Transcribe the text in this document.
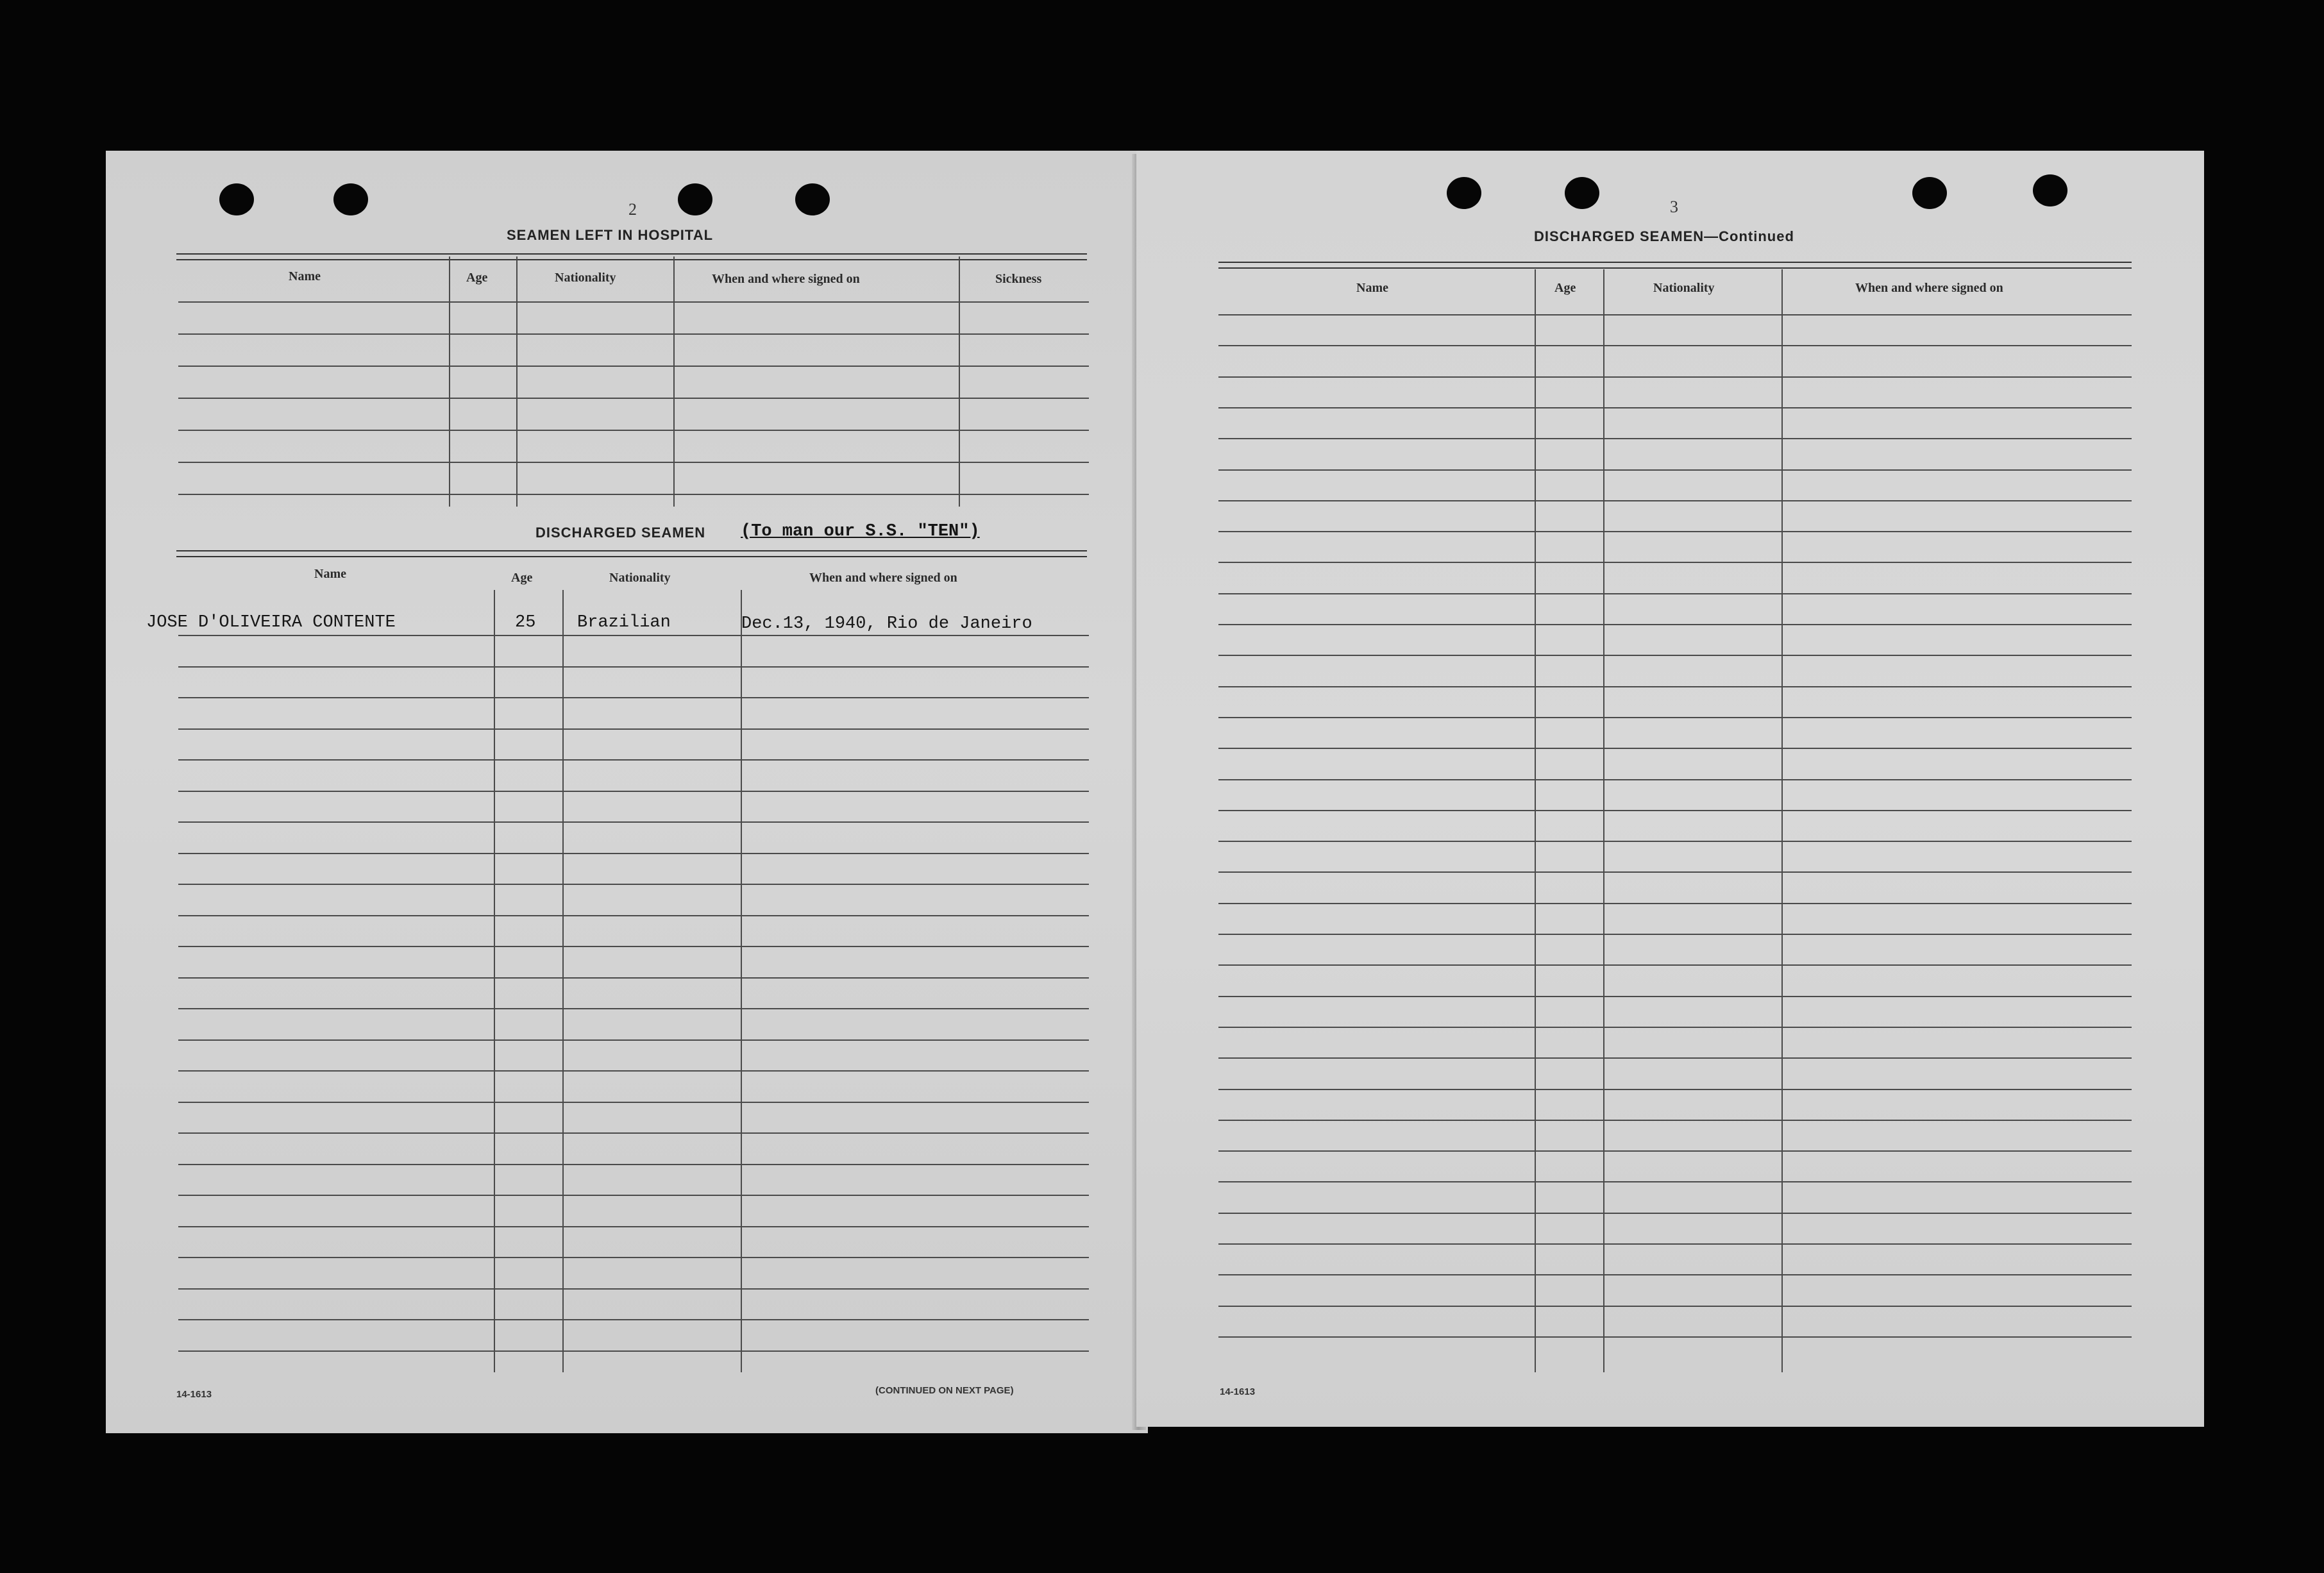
2
SEAMEN LEFT IN HOSPITAL
Name	Age	Nationality	When and where signed on	Sickness
DISCHARGED SEAMEN (To man our S.S. "TEN")
Name	Age	Nationality	When and where signed on
JOSE D'OLIVEIRA CONTENTE	25 Brazilian	Dec.13, 1940, Rio de Janeiro
14-1613	(CONTINUED ON NEXT PAGE)
3
DISCHARGED SEAMEN—Continued
Name	Age	Nationality	When and where signed on
14-1613
